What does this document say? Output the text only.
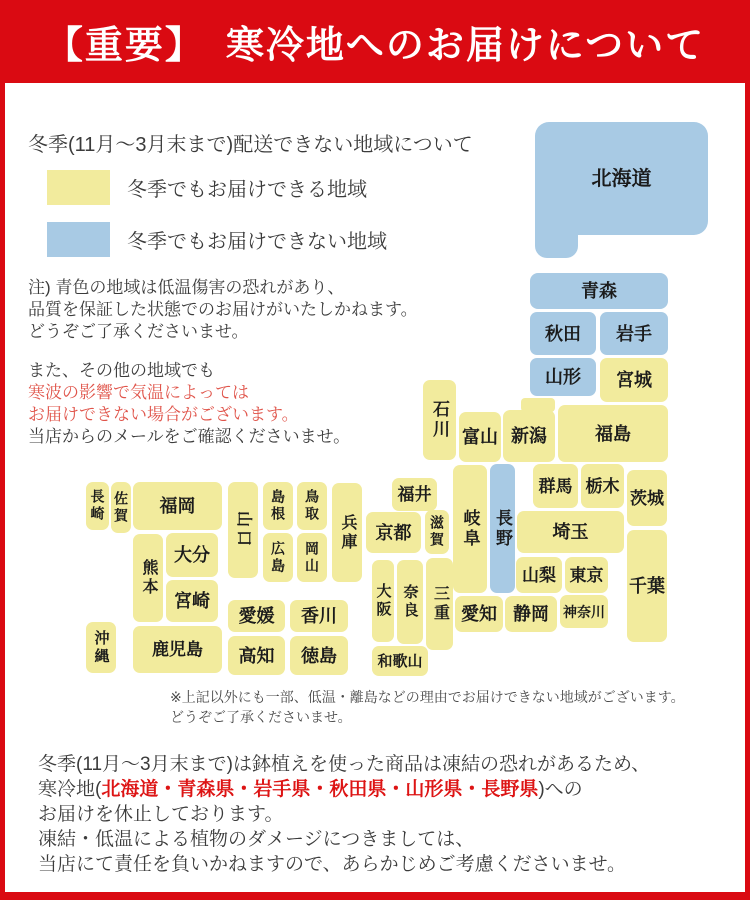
【重要】　寒冷地へのお届けについて
冬季(11月～3月末まで)配送できない地域について
冬季でもお届けできる地域
冬季でもお届けできない地域
注) 青色の地域は低温傷害の恐れがあり、
品質を保証した状態でのお届けがいたしかねます。
どうぞご了承くださいませ。
また、その他の地域でも
寒波の影響で気温によっては
お届けできない場合がございます。
当店からのメールをご確認くださいませ。
北海道
青森
秋田	岩手
山形	宮城
福島
新潟
富山
石川
福井
京都	滋賀 岐阜 長野
群馬 栃木
茨城
埼玉
千葉
山梨 東京
神奈川
静岡
愛知
三重
奈良
大阪
和歌山
兵庫
鳥取
岡山
島根
広島
山口
愛媛	香川
高知	徳島
福岡
佐賀
長崎
熊本
大分
宮崎
鹿児島
沖縄
※上記以外にも一部、低温・離島などの理由でお届けできない地域がございます。
どうぞご了承くださいませ。
冬季(11月～3月末まで)は鉢植えを使った商品は凍結の恐れがあるため、
寒冷地(北海道・青森県・岩手県・秋田県・山形県・長野県)への
お届けを休止しております。
凍結・低温による植物のダメージにつきましては、
当店にて責任を負いかねますので、あらかじめご考慮くださいませ。
